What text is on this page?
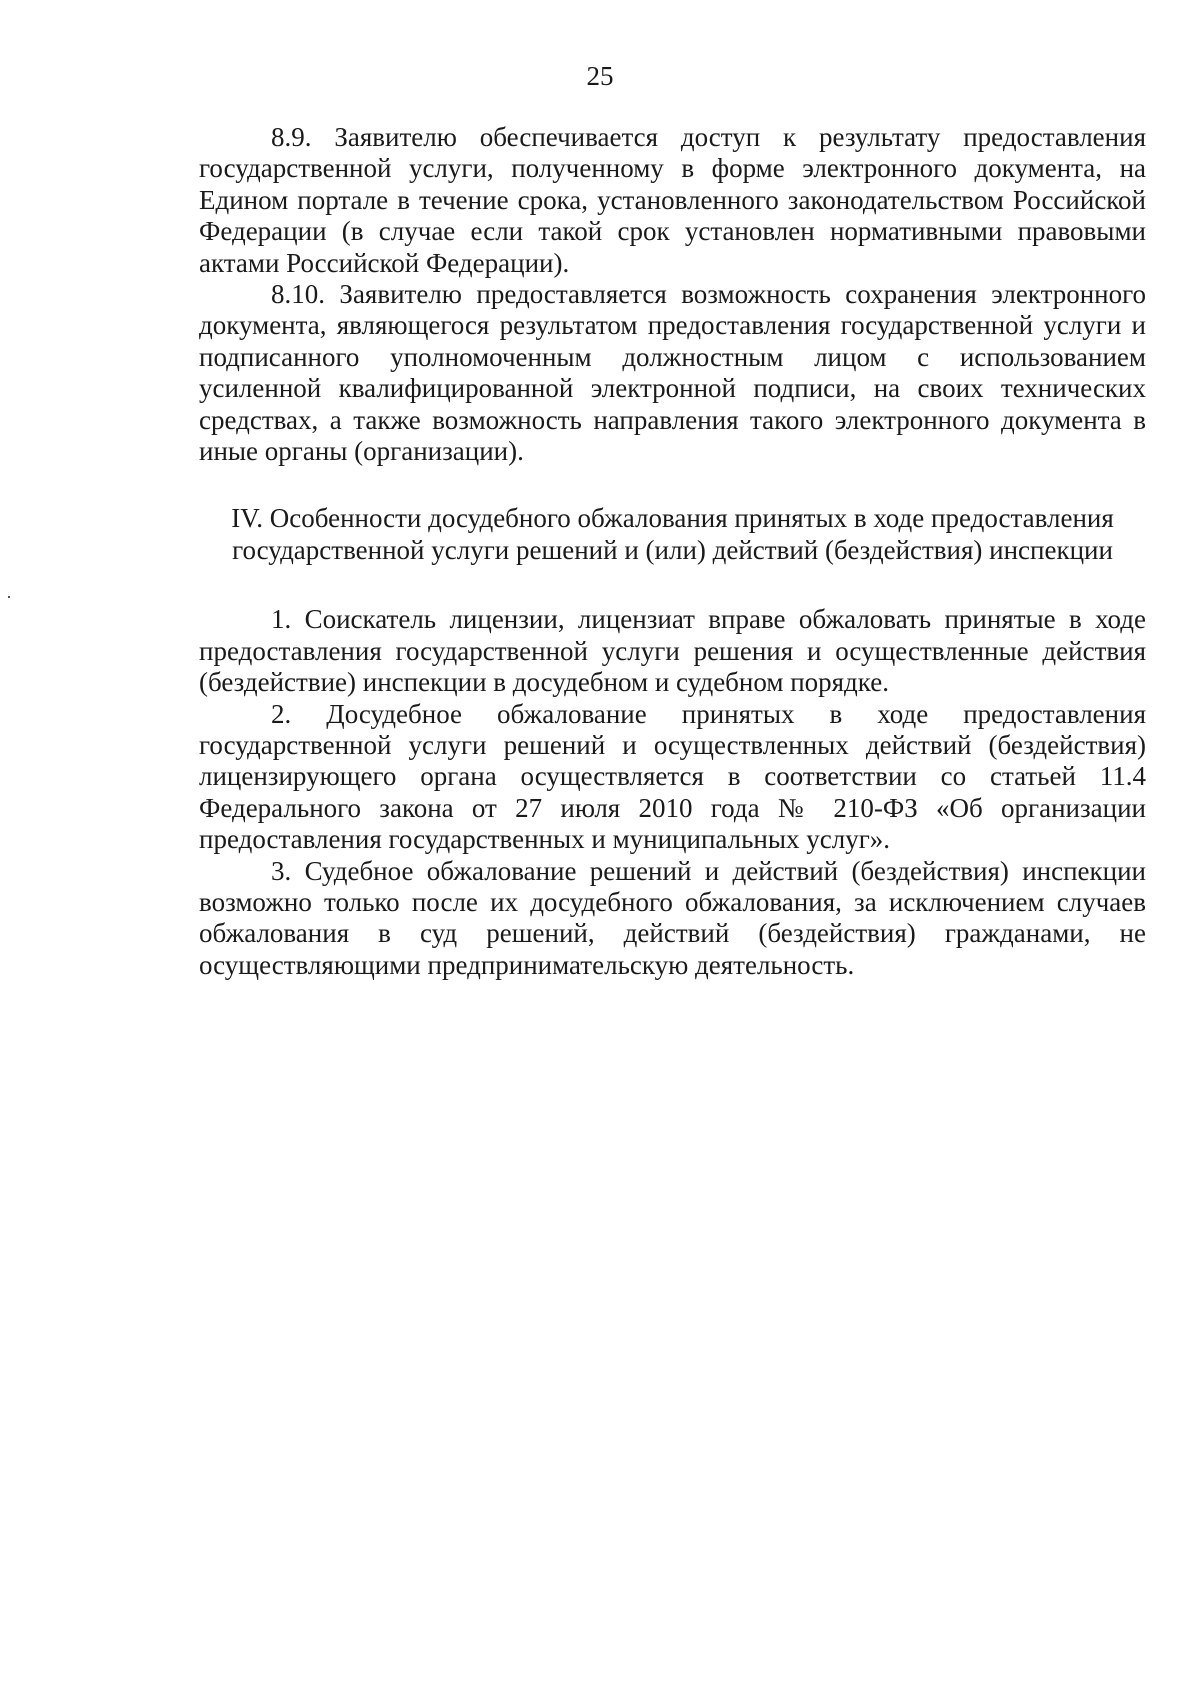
25

8.9. Заявителю обеспечивается доступ к результату предоставления государственной услуги, полученному в форме электронного документа, на Едином портале в течение срока, установленного законодательством Российской Федерации (в случае если такой срок установлен нормативными правовыми актами Российской Федерации).

8.10. Заявителю предоставляется возможность сохранения электронного документа, являющегося результатом предоставления государственной услуги и подписанного уполномоченным должностным лицом с использованием усиленной квалифицированной электронной подписи, на своих технических средствах, а также возможность направления такого электронного документа в иные органы (организации).

IV. Особенности досудебного обжалования принятых в ходе предоставления
государственной услуги решений и (или) действий (бездействия) инспекции

1. Соискатель лицензии, лицензиат вправе обжаловать принятые в ходе предоставления государственной услуги решения и осуществленные действия (бездействие) инспекции в досудебном и судебном порядке.

2. Досудебное обжалование принятых в ходе предоставления государственной услуги решений и осуществленных действий (бездействия) лицензирующего органа осуществляется в соответствии со статьей 11.4 Федерального закона от 27 июля 2010 года № 210-ФЗ «Об организации предоставления государственных и муниципальных услуг».

3. Судебное обжалование решений и действий (бездействия) инспекции возможно только после их досудебного обжалования, за исключением случаев обжалования в суд решений, действий (бездействия) гражданами, не осуществляющими предпринимательскую деятельность.
